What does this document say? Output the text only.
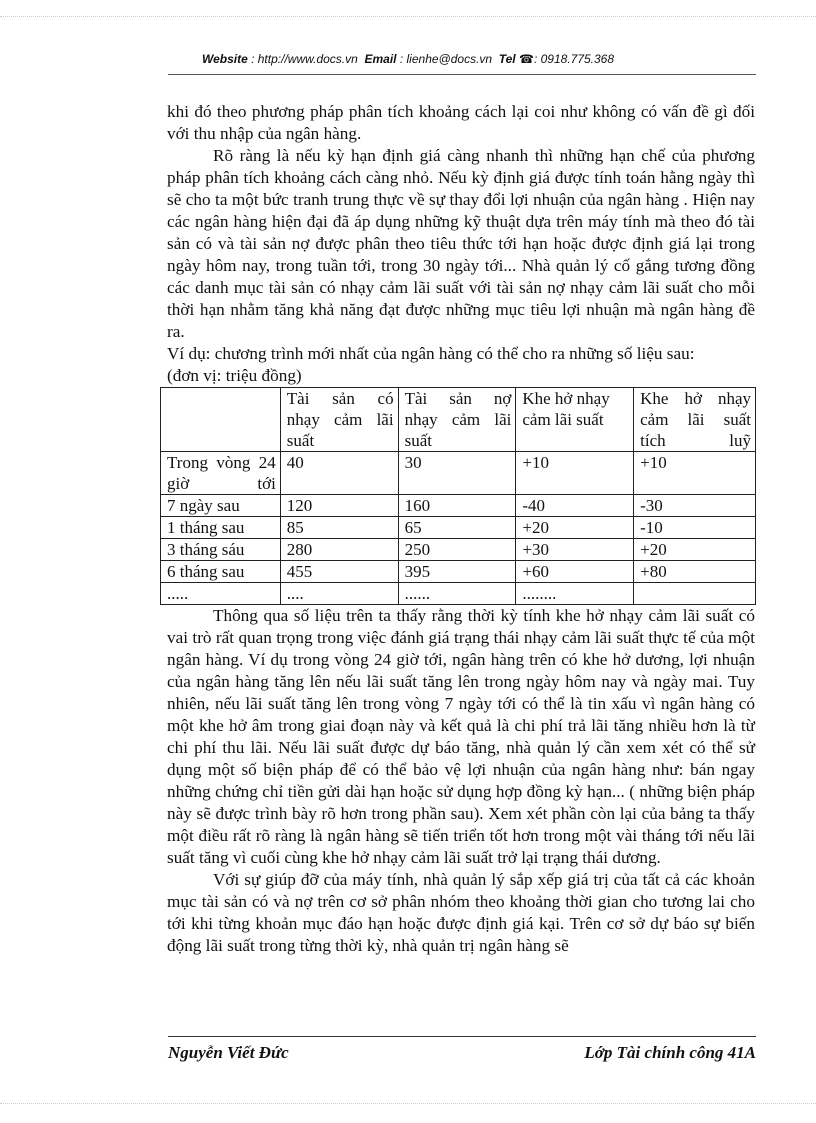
Website : http://www.docs.vn Email : lienhe@docs.vn Tel ☎: 0918.775.368

khi đó theo phương pháp phân tích khoảng cách lại coi như không có vấn đề gì đối với thu nhập của ngân hàng.

Rõ ràng là nếu kỳ hạn định giá càng nhanh thì những hạn chế của phương pháp phân tích khoảng cách càng nhỏ. Nếu kỳ định giá được tính toán hằng ngày thì sẽ cho ta một bức tranh trung thực về sự thay đổi lợi nhuận của ngân hàng . Hiện nay các ngân hàng hiện đại đã áp dụng những kỹ thuật dựa trên máy tính mà theo đó tài sản có và tài sản nợ được phân theo tiêu thức tới hạn hoặc được định giá lại trong ngày hôm nay, trong tuần tới, trong 30 ngày tới... Nhà quản lý cố gắng tương đồng các danh mục tài sản có nhạy cảm lãi suất với tài sản nợ nhạy cảm lãi suất cho mỗi thời hạn nhằm tăng khả năng đạt được những mục tiêu lợi nhuận mà ngân hàng đề ra.

Ví dụ: chương trình mới nhất của ngân hàng có thể cho ra những số liệu sau:

(đơn vị: triệu đồng)

	Tài sản có nhạy cảm lãi suất	Tài sản nợ nhạy cảm lãi suất	Khe hở nhạy cảm lãi suất	Khe hở nhạy cảm lãi suất tích luỹ
Trong vòng 24 giờ tới	40	30	+10	+10
7 ngày sau	120	160	-40	-30
1 tháng sau	85	65	+20	-10
3 tháng sáu	280	250	+30	+20
6 tháng sau	455	395	+60	+80
.....	....	......	........	

Thông qua số liệu trên ta thấy rằng thời kỳ tính khe hở nhạy cảm lãi suất có vai trò rất quan trọng trong việc đánh giá trạng thái nhạy cảm lãi suất thực tế của một ngân hàng. Ví dụ trong vòng 24 giờ tới, ngân hàng trên có khe hở dương, lợi nhuận của ngân hàng tăng lên nếu lãi suất tăng lên trong ngày hôm nay và ngày mai. Tuy nhiên, nếu lãi suất tăng lên trong vòng 7 ngày tới có thể là tin xấu vì ngân hàng có một khe hở âm trong giai đoạn này và kết quả là chi phí trả lãi tăng nhiều hơn là từ chi phí thu lãi. Nếu lãi suất được dự báo tăng, nhà quản lý cần xem xét có thể sử dụng một số biện pháp để có thể bảo vệ lợi nhuận của ngân hàng như: bán ngay những chứng chỉ tiền gửi dài hạn hoặc sử dụng hợp đồng kỳ hạn... ( những biện pháp này sẽ được trình bày rõ hơn trong phần sau). Xem xét phần còn lại của bảng ta thấy một điều rất rõ ràng là ngân hàng sẽ tiến triển tốt hơn trong một vài tháng tới nếu lãi suất tăng vì cuối cùng khe hở nhạy cảm lãi suất trở lại trạng thái dương.

Với sự giúp đỡ của máy tính, nhà quản lý sắp xếp giá trị của tất cả các khoản mục tài sản có và nợ trên cơ sở phân nhóm theo khoảng thời gian cho tương lai cho tới khi từng khoản mục đáo hạn hoặc được định giá kại. Trên cơ sở dự báo sự biến động lãi suất trong từng thời kỳ, nhà quản trị ngân hàng sẽ

Nguyễn Viết Đức	Lớp Tài chính công 41A
